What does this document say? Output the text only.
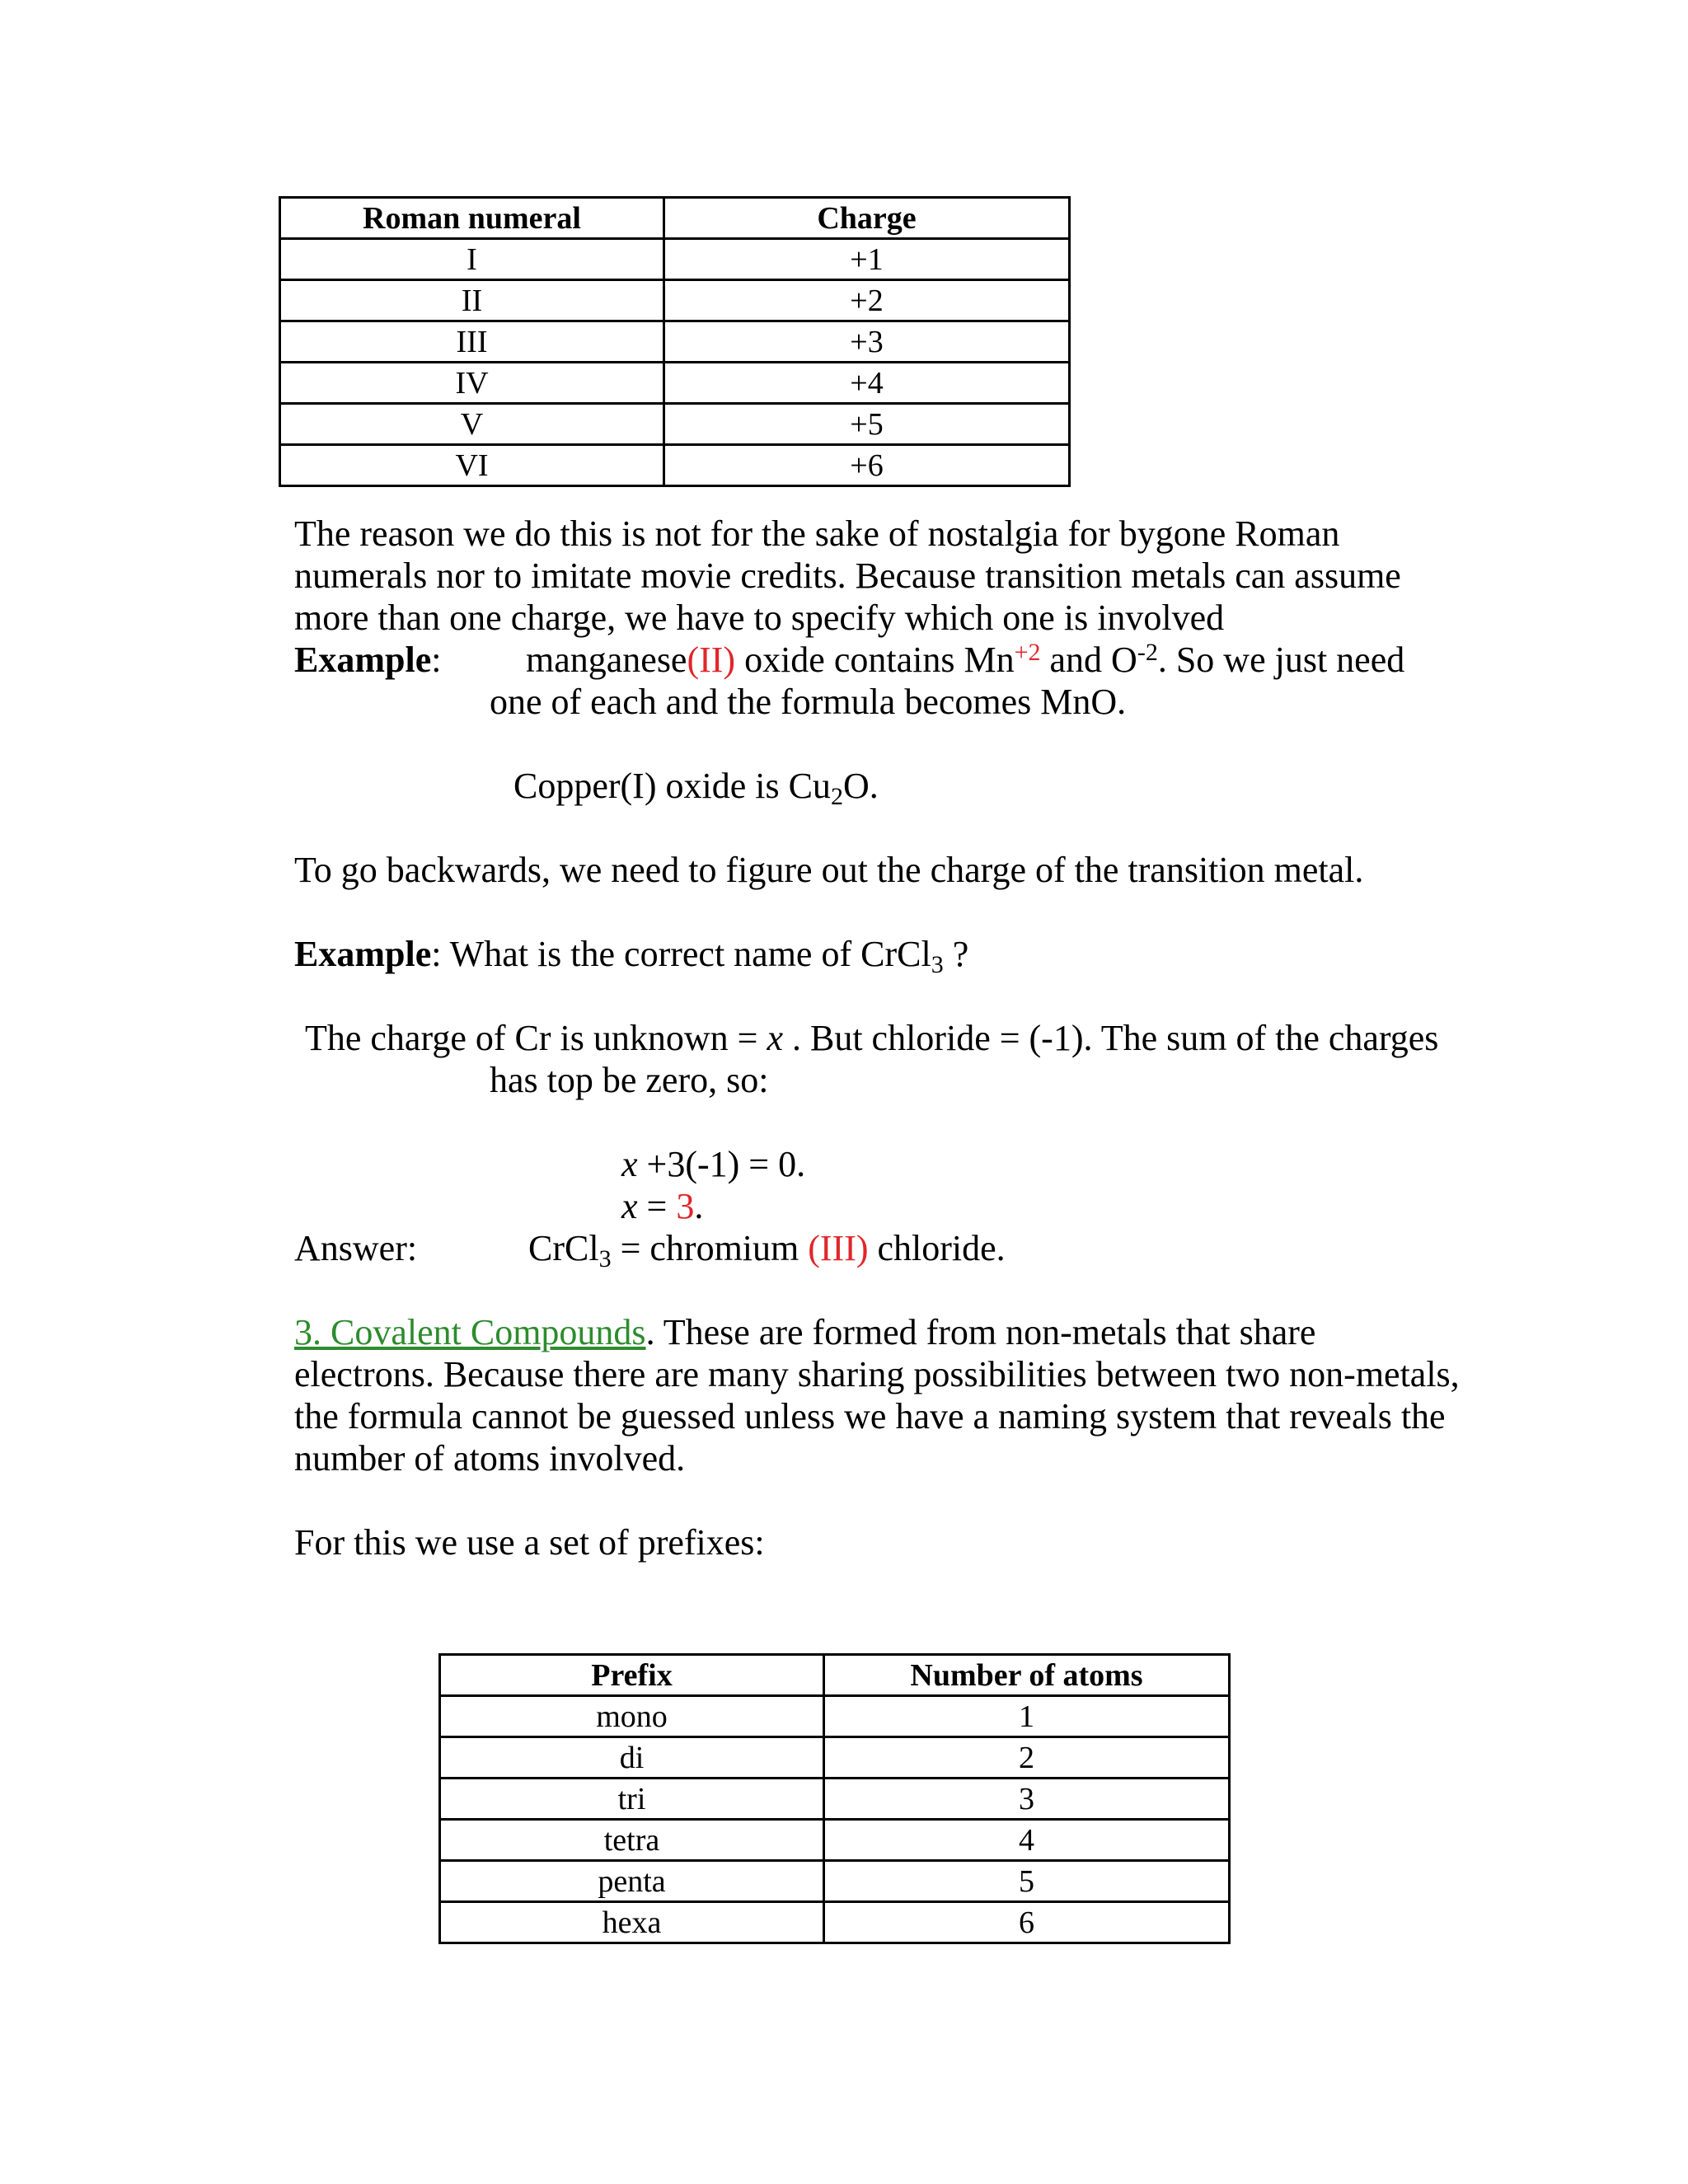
Roman numeral	Charge
I	+1
II	+2
III	+3
IV	+4
V	+5
VI	+6
The reason we do this is not for the sake of nostalgia for bygone Roman
numerals nor to imitate movie credits. Because transition metals can assume
more than one charge, we have to specify which one is involved
Example: manganese(II) oxide contains $Mn^{+2}$ and $O^{-2}$. So we just need
one of each and the formula becomes MnO.
Copper(I) oxide is $Cu_2O$.
To go backwards, we need to figure out the charge of the transition metal.
Example: What is the correct name of CrCl$_3$ ?
The charge of Cr is unknown = x . But chloride = (-1). The sum of the charges
has top be zero, so:
x +3(-1) = 0.
x = 3.
Answer:	CrCl$_3$ = chromium (III) chloride.
3. Covalent Compounds. These are formed from non-metals that share
electrons. Because there are many sharing possibilities between two non-metals,
the formula cannot be guessed unless we have a naming system that reveals the
number of atoms involved.
For this we use a set of prefixes:
Prefix	Number of atoms
mono	1
di	2
tri	3
tetra	4
penta	5
hexa	6
